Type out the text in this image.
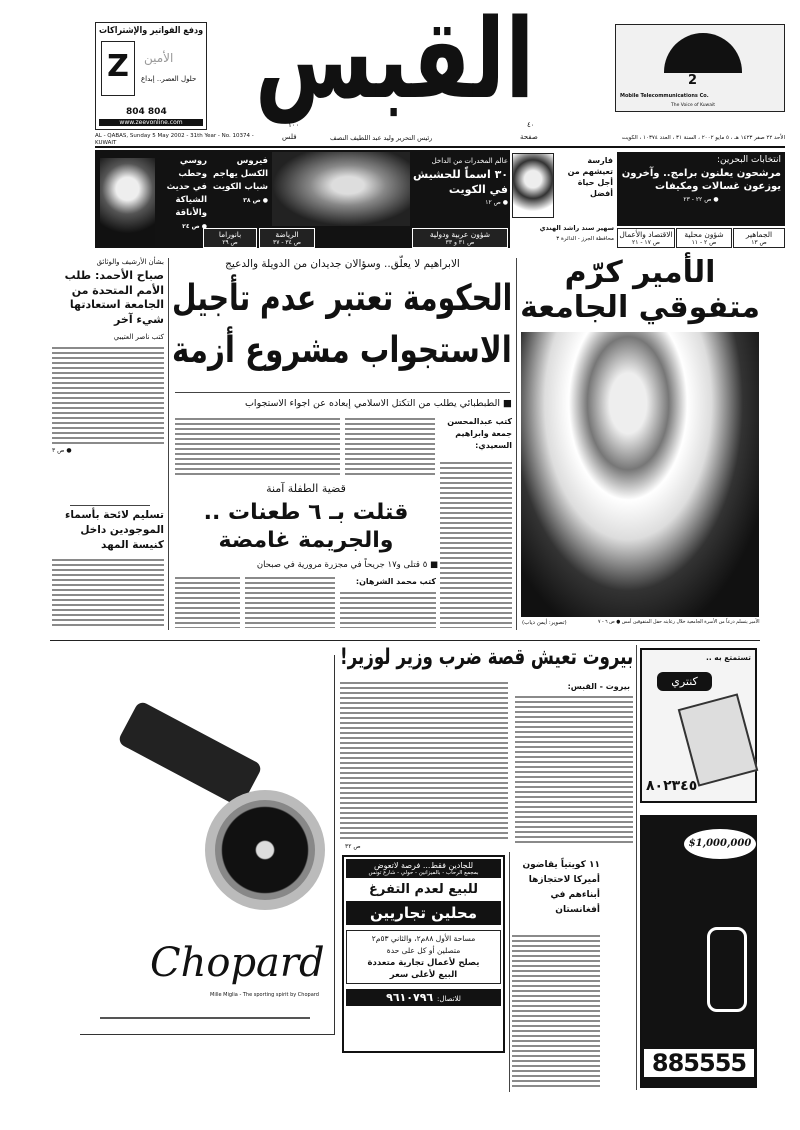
ودفع الفواتير والإشتراكات
Z	الأمين
حلول العصر.. إبداع
804 804
www.zeevonline.com
AL - QABAS, Sunday 5 May 2002 - 31th Year - No. 10374 - KUWAIT
القبس
١٠٠
فلس	رئيس التحرير وليد عبد اللطيف النصف
٤٠
صفحة
2
Mobile Telecommunications Co.
The Voice of Kuwait
الأحد ٢٢ صفر ١٤٢٣ هـ ، ٥ مايو ٢٠٠٢ ، السنة ٣١ ، العدد ١٠٣٧٤ ، الكويت
روسي وحطب
في حديث الشياكة والأناقة
● ص ٢٤
فيروس
الكسل يهاجم شباب الكويت
● ص ٣٨
عالم المخدرات من الداخل
٣٠ اسماً للحشيش في الكويت
● ص ١٢
فارسة تعيشهم من أجل حياة أفضل
سهير سند راشد الهندي
محافظة الجرز - الدائرة ٣
انتخابات البحرين:
مرشحون يعلنون برامج.. وآخرون يوزعون غسالات ومكيفات
● ص ٢٢ - ٢٣
بانوراما
ص ٢٩
الرياضة
ص ٣٤ - ٣٧
شؤون عربية ودولية
ص ٣١ و ٣٣
الاقتصاد والأعمال
ص ١٧ - ٢١
شؤون محلية
ص ٢ - ١١
الجماهير
ص ١٣
بشأن الأرشيف والوثائق
صباح الأحمد: طلب الأمم المتحدة من الجامعة استعادتها شيء آخر
كتب ناصر العتيبي
● ص ٣
تسليم لائحة بأسماء الموجودين داخل كنيسة المهد
الابراهيم لا يعلّق.. وسؤالان جديدان من الدويلة والدعيج
الحكومة تعتبر عدم تأجيل
الاستجواب مشروع أزمة
■ الطبطبائي يطلب من التكتل الاسلامي إبعاده عن اجواء الاستجواب
كتب عبدالمحسن جمعة وابراهيم السعيدي:
قضية الطفلة آمنة
قتلت بـ ٦ طعنات ..
والجريمة غامضة
■ ٥ قتلى و١٧ جريحاً في مجزرة مرورية في صبحان
كتب محمد الشرهان:
الأمير كرّم
متفوقي الجامعة
(تصوير: أيمن دياب)	الأمير يتسلم درعاً من الأسرة الجامعية خلال رعايته حفل المتفوقين أمس ● ص ٦ - ٧
Chopard
Mille Miglia - The sporting spirit by Chopard
بيروت تعيش قصة ضرب وزير لوزير!
بيروت - القبس:
ص ٣٢
للجادين فقط... فرصة لاتعوض
بمجمع الرحاب - بالميزانين - حولي - شارع تونس
للبيع لعدم التفرغ
محلين تجاريين
مساحة الأول ٨٨م٢، والثاني ٥٣م٢
متصلين أو كل على حدة
يصلح لأعمال تجارية متعددة
البيع لأعلى سعر
للاتصال: ٩٦١٠٧٩٦
١١ كويتياً يقاضون أميركا لاحتجازها أبناءهم في أفغانستان
تستمتع به ..
كنتري
٨٠٢٣٤٥
$1,000,000
885555
